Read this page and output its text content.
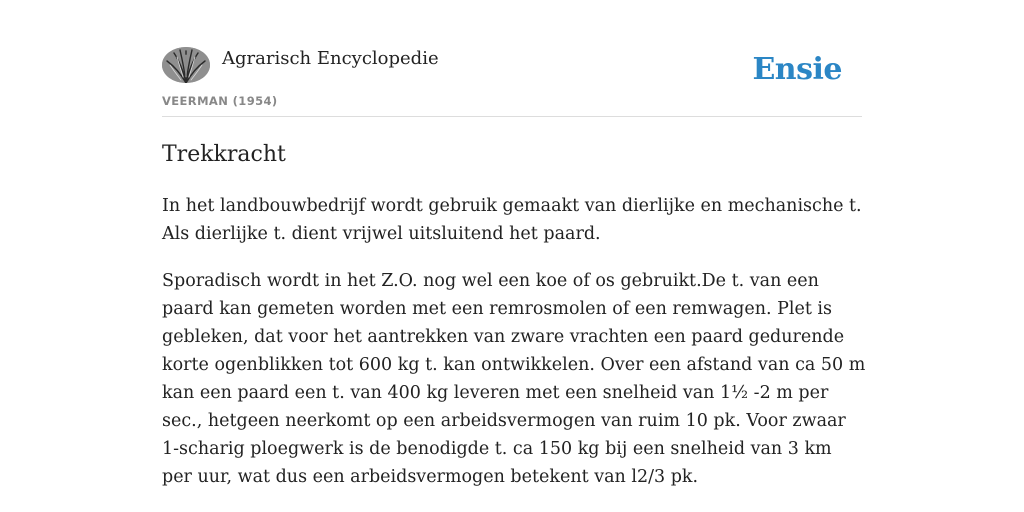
Agrarisch Encyclopedie
VEERMAN (1954)
Ensie
Trekkracht

In het landbouwbedrijf wordt gebruik gemaakt van dierlijke en mechanische t. Als dierlijke t. dient vrijwel uitsluitend het paard.

Sporadisch wordt in het Z.O. nog wel een koe of os gebruikt.De t. van een paard kan gemeten worden met een remrosmolen of een remwagen. Plet is gebleken, dat voor het aantrekken van zware vrachten een paard gedurende korte ogenblikken tot 600 kg t. kan ontwikkelen. Over een afstand van ca 50 m kan een paard een t. van 400 kg leveren met een snelheid van 1½ -2 m per sec., hetgeen neerkomt op een arbeidsvermogen van ruim 10 pk. Voor zwaar 1-scharig ploegwerk is de benodigde t. ca 150 kg bij een snelheid van 3 km per uur, wat dus een arbeidsvermogen betekent van l2/3 pk.
